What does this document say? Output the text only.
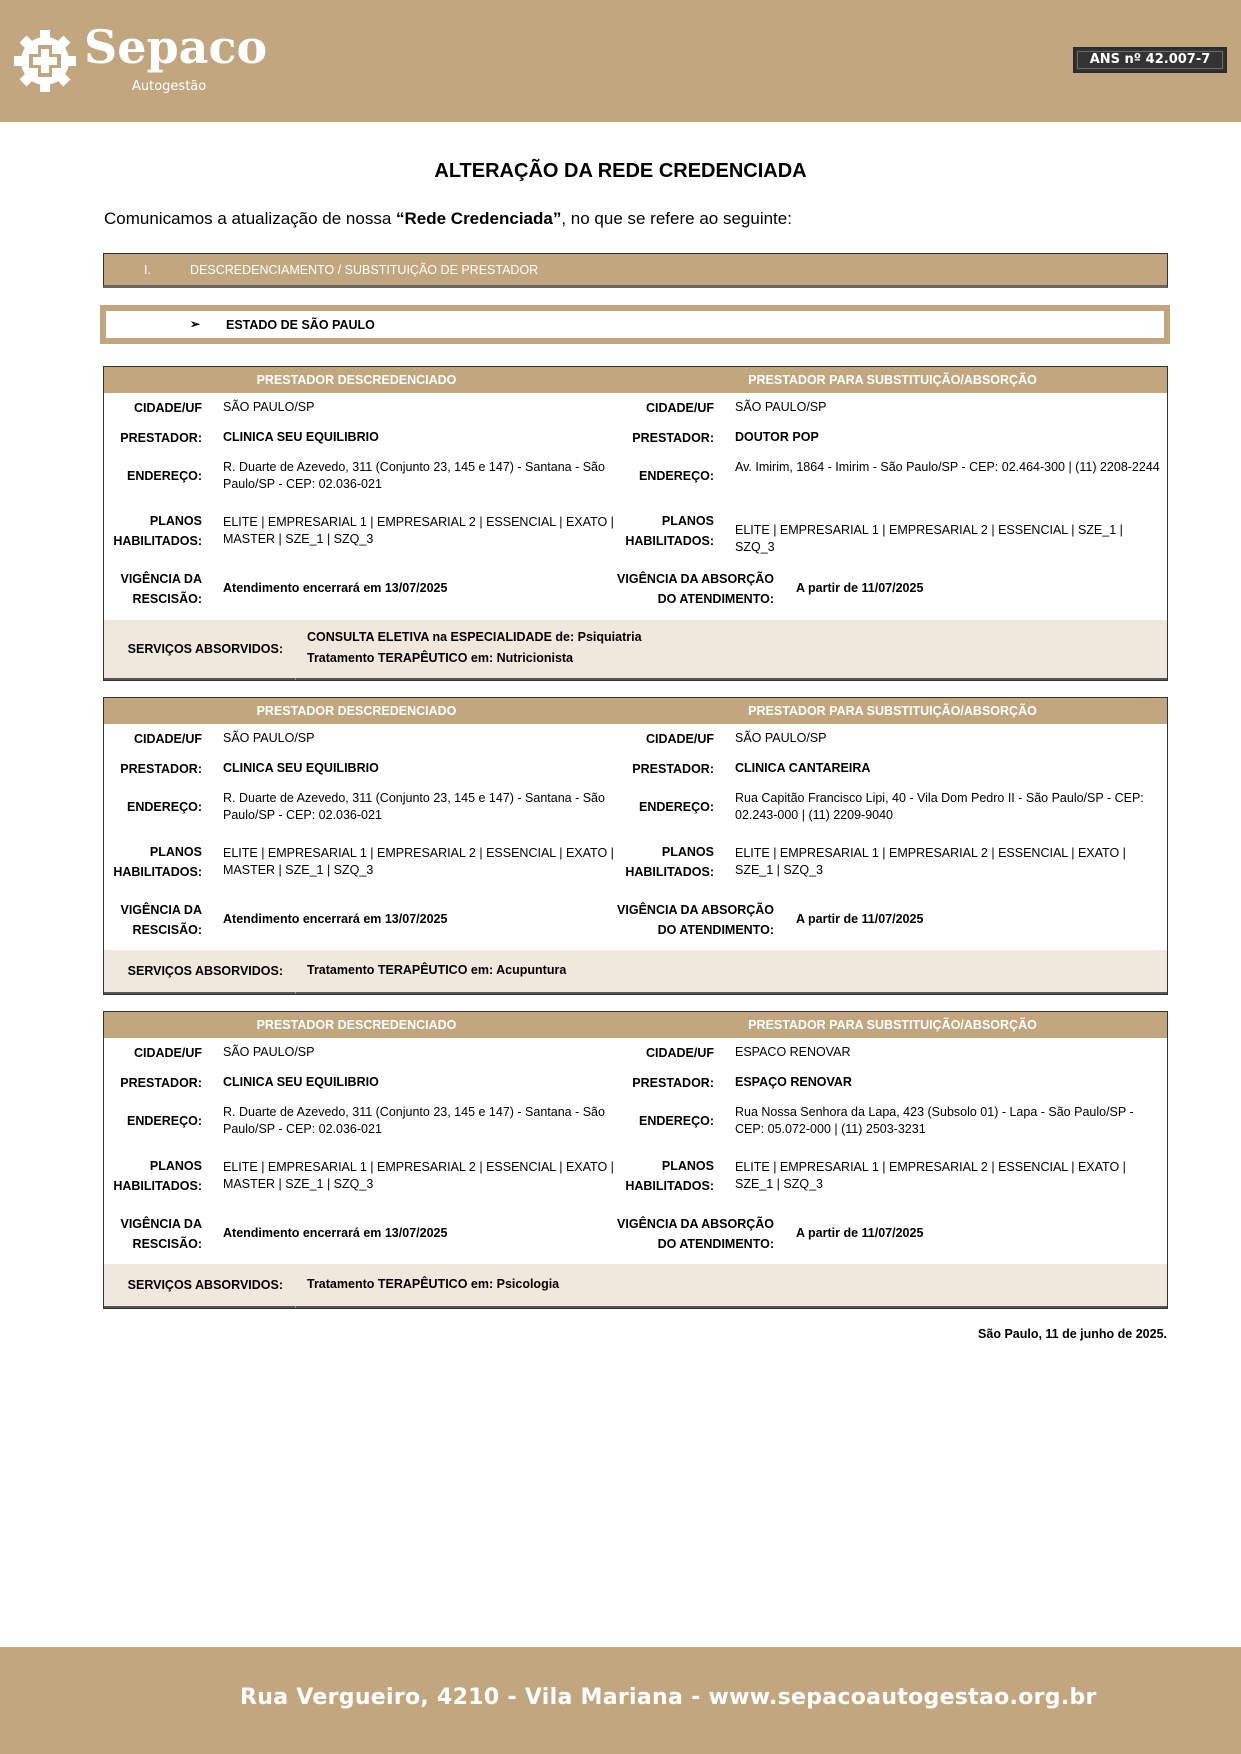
Sepaco
Autogestão
ANS nº 42.007-7
ALTERAÇÃO DA REDE CREDENCIADA
Comunicamos a atualização de nossa “Rede Credenciada”, no que se refere ao seguinte:
I.	DESCREDENCIAMENTO / SUBSTITUIÇÃO DE PRESTADOR
➢ ESTADO DE SÃO PAULO
PRESTADOR DESCREDENCIADO	PRESTADOR PARA SUBSTITUIÇÃO/ABSORÇÃO
CIDADE/UF SÃO PAULO/SP
PRESTADOR: CLINICA SEU EQUILIBRIO
ENDEREÇO:
R. Duarte de Azevedo, 311 (Conjunto 23, 145 e 147) - Santana - São Paulo/SP - CEP: 02.036-021
PLANOS
HABILITADOS:
ELITE | EMPRESARIAL 1 | EMPRESARIAL 2 | ESSENCIAL | EXATO | MASTER | SZE_1 | SZQ_3
VIGÊNCIA DA
RESCISÃO:
Atendimento encerrará em 13/07/2025
CIDADE/UF SÃO PAULO/SP
PRESTADOR: DOUTOR POP
ENDEREÇO:
Av. Imirim, 1864 - Imirim - São Paulo/SP - CEP: 02.464-300 | (11) 2208-2244
PLANOS
HABILITADOS:
ELITE | EMPRESARIAL 1 | EMPRESARIAL 2 | ESSENCIAL | SZE_1 | SZQ_3
VIGÊNCIA DA ABSORÇÃO
DO ATENDIMENTO:
A partir de 11/07/2025
SERVIÇOS ABSORVIDOS:
CONSULTA ELETIVA na ESPECIALIDADE de: Psiquiatria
Tratamento TERAPÊUTICO em: Nutricionista
PRESTADOR DESCREDENCIADO	PRESTADOR PARA SUBSTITUIÇÃO/ABSORÇÃO
CIDADE/UF SÃO PAULO/SP
PRESTADOR: CLINICA SEU EQUILIBRIO
ENDEREÇO:
R. Duarte de Azevedo, 311 (Conjunto 23, 145 e 147) - Santana - São Paulo/SP - CEP: 02.036-021
PLANOS
HABILITADOS:
ELITE | EMPRESARIAL 1 | EMPRESARIAL 2 | ESSENCIAL | EXATO | MASTER | SZE_1 | SZQ_3
VIGÊNCIA DA
RESCISÃO:
Atendimento encerrará em 13/07/2025
CIDADE/UF SÃO PAULO/SP
PRESTADOR: CLINICA CANTAREIRA
ENDEREÇO:
Rua Capitão Francisco Lipi, 40 - Vila Dom Pedro II - São Paulo/SP - CEP: 02.243-000 | (11) 2209-9040
PLANOS
HABILITADOS:
ELITE | EMPRESARIAL 1 | EMPRESARIAL 2 | ESSENCIAL | EXATO | SZE_1 | SZQ_3
VIGÊNCIA DA ABSORÇÃO
DO ATENDIMENTO:
A partir de 11/07/2025
SERVIÇOS ABSORVIDOS: Tratamento TERAPÊUTICO em: Acupuntura
PRESTADOR DESCREDENCIADO	PRESTADOR PARA SUBSTITUIÇÃO/ABSORÇÃO
CIDADE/UF SÃO PAULO/SP
PRESTADOR: CLINICA SEU EQUILIBRIO
ENDEREÇO:
R. Duarte de Azevedo, 311 (Conjunto 23, 145 e 147) - Santana - São Paulo/SP - CEP: 02.036-021
PLANOS
HABILITADOS:
ELITE | EMPRESARIAL 1 | EMPRESARIAL 2 | ESSENCIAL | EXATO | MASTER | SZE_1 | SZQ_3
VIGÊNCIA DA
RESCISÃO:
Atendimento encerrará em 13/07/2025
CIDADE/UF ESPACO RENOVAR
PRESTADOR: ESPAÇO RENOVAR
ENDEREÇO:
Rua Nossa Senhora da Lapa, 423 (Subsolo 01) - Lapa - São Paulo/SP - CEP: 05.072-000 | (11) 2503-3231
PLANOS
HABILITADOS:
ELITE | EMPRESARIAL 1 | EMPRESARIAL 2 | ESSENCIAL | EXATO | SZE_1 | SZQ_3
VIGÊNCIA DA ABSORÇÃO
DO ATENDIMENTO:
A partir de 11/07/2025
SERVIÇOS ABSORVIDOS: Tratamento TERAPÊUTICO em: Psicologia
São Paulo, 11 de junho de 2025.
Rua Vergueiro, 4210 - Vila Mariana - www.sepacoautogestao.org.br
